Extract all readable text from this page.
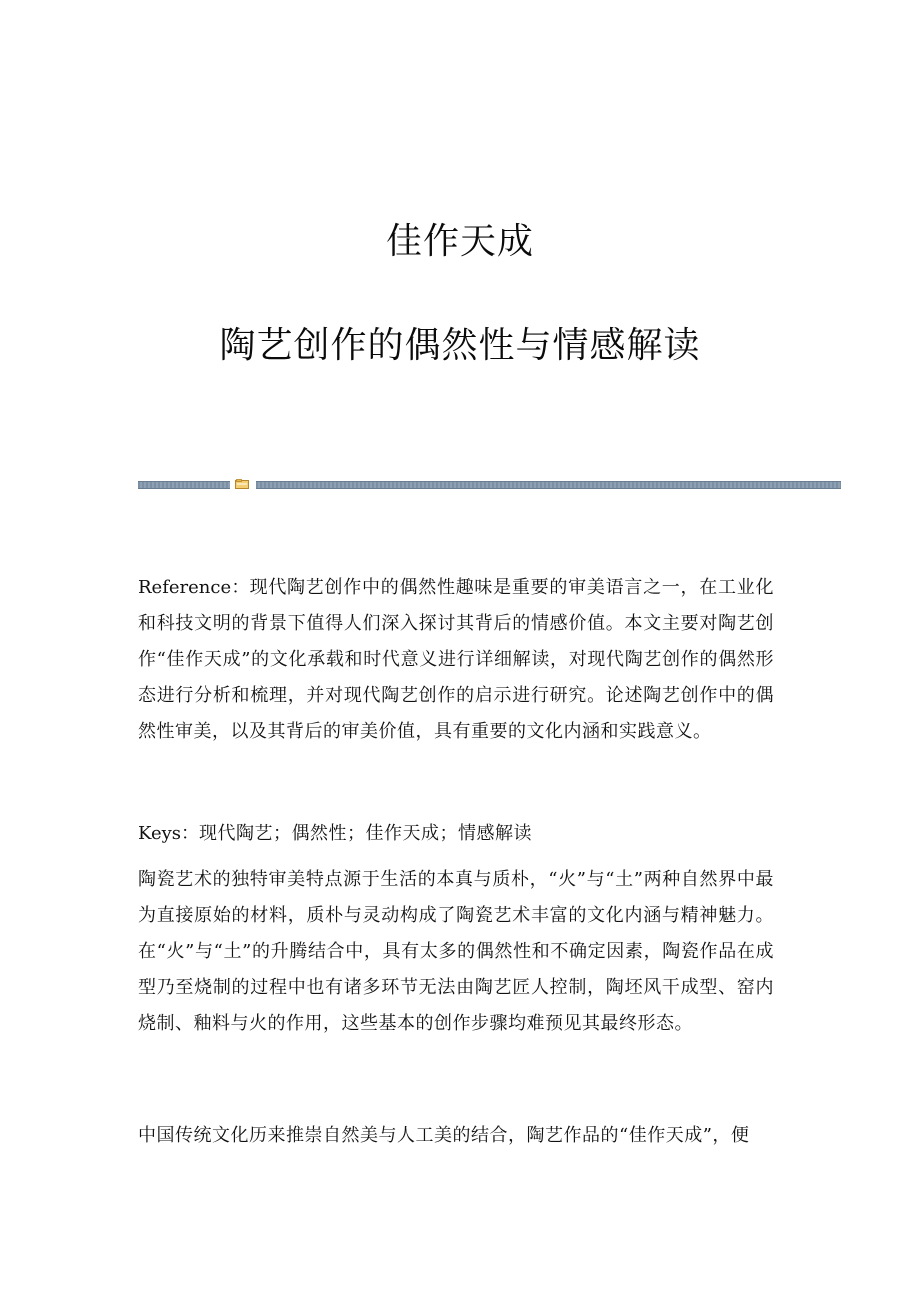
佳作天成
陶艺创作的偶然性与情感解读

Reference：现代陶艺创作中的偶然性趣味是重要的审美语言之一，在工业化和科技文明的背景下值得人们深入探讨其背后的情感价值。本文主要对陶艺创作“佳作天成”的文化承载和时代意义进行详细解读，对现代陶艺创作的偶然形态进行分析和梳理，并对现代陶艺创作的启示进行研究。论述陶艺创作中的偶然性审美，以及其背后的审美价值，具有重要的文化内涵和实践意义。

Keys：现代陶艺；偶然性；佳作天成；情感解读

陶瓷艺术的独特审美特点源于生活的本真与质朴，“火”与“土”两种自然界中最为直接原始的材料，质朴与灵动构成了陶瓷艺术丰富的文化内涵与精神魅力。在“火”与“土”的升腾结合中，具有太多的偶然性和不确定因素，陶瓷作品在成型乃至烧制的过程中也有诸多环节无法由陶艺匠人控制，陶坯风干成型、窑内烧制、釉料与火的作用，这些基本的创作步骤均难预见其最终形态。

中国传统文化历来推崇自然美与人工美的结合，陶艺作品的“佳作天成”，便
